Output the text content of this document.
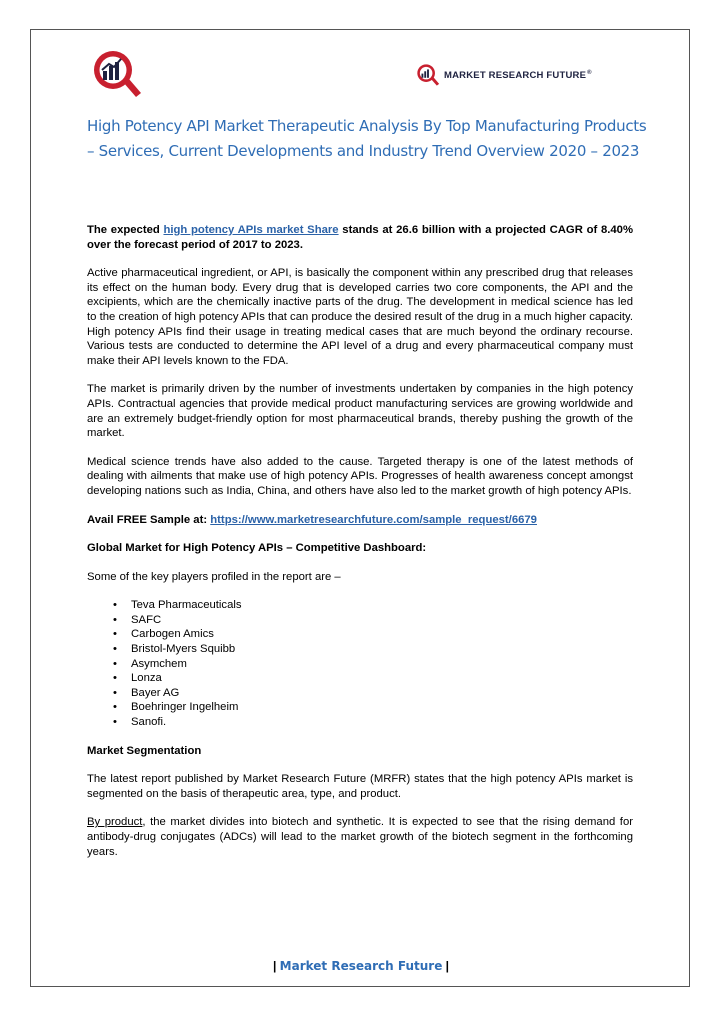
MARKET RESEARCH FUTURE®
High Potency API Market Therapeutic Analysis By Top Manufacturing Products – Services, Current Developments and Industry Trend Overview 2020 – 2023

The expected high potency APIs market Share stands at 26.6 billion with a projected CAGR of 8.40% over the forecast period of 2017 to 2023.

Active pharmaceutical ingredient, or API, is basically the component within any prescribed drug that releases its effect on the human body. Every drug that is developed carries two core components, the API and the excipients, which are the chemically inactive parts of the drug. The development in medical science has led to the creation of high potency APIs that can produce the desired result of the drug in a much higher capacity. High potency APIs find their usage in treating medical cases that are much beyond the ordinary recourse. Various tests are conducted to determine the API level of a drug and every pharmaceutical company must make their API levels known to the FDA.

The market is primarily driven by the number of investments undertaken by companies in the high potency APIs. Contractual agencies that provide medical product manufacturing services are growing worldwide and are an extremely budget-friendly option for most pharmaceutical brands, thereby pushing the growth of the market.

Medical science trends have also added to the cause. Targeted therapy is one of the latest methods of dealing with ailments that make use of high potency APIs. Progresses of health awareness concept amongst developing nations such as India, China, and others have also led to the market growth of high potency APIs.

Avail FREE Sample at: https://www.marketresearchfuture.com/sample_request/6679

Global Market for High Potency APIs – Competitive Dashboard:

Some of the key players profiled in the report are –

• Teva Pharmaceuticals
• SAFC
• Carbogen Amics
• Bristol-Myers Squibb
• Asymchem
• Lonza
• Bayer AG
• Boehringer Ingelheim
• Sanofi.

Market Segmentation

The latest report published by Market Research Future (MRFR) states that the high potency APIs market is segmented on the basis of therapeutic area, type, and product.

By product, the market divides into biotech and synthetic. It is expected to see that the rising demand for antibody-drug conjugates (ADCs) will lead to the market growth of the biotech segment in the forthcoming years.

| Market Research Future |
